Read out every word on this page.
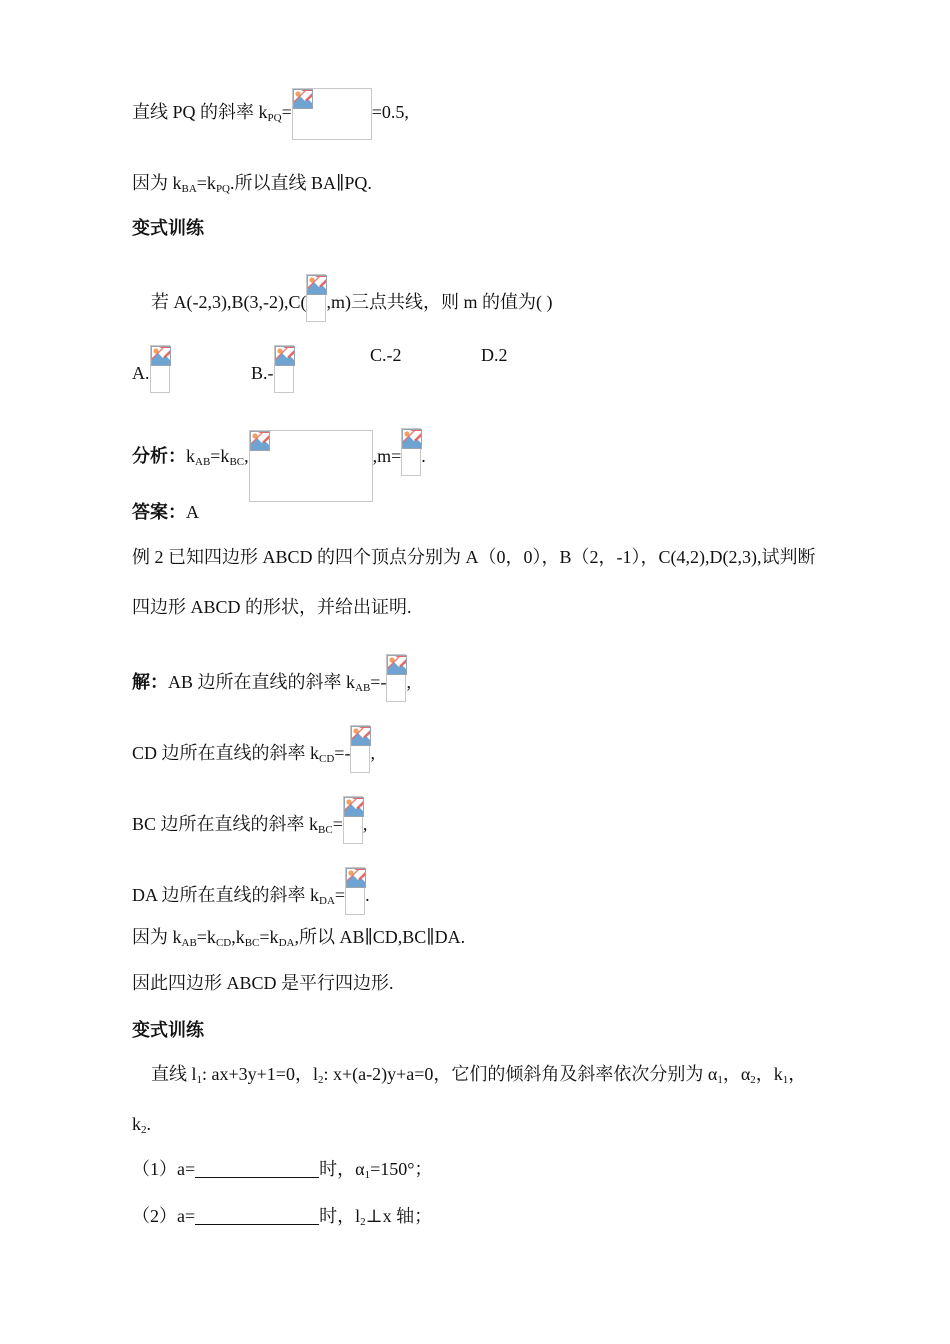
直线 PQ 的斜率 $k_{PQ}=$	=0.5,
因为 $k_{BA}=k_{PQ}$.所以直线 BA∥PQ.
变式训练
若 A(-2,3),B(3,-2),C( ,m)三点共线，则 m 的值为( )
A.	B.-
C.-2	D.2
分析：$k_{AB}=k_{BC}$,	,m= .
答案：A
例 2 已知四边形 ABCD 的四个顶点分别为 A（0，0），B（2，-1），C(4,2),D(2,3),试判断
四边形 ABCD 的形状，并给出证明.
解：AB 边所在直线的斜率 $k_{AB}=-$ ,
CD 边所在直线的斜率 $k_{CD}=-$ ,
BC 边所在直线的斜率 $k_{BC}=$ ,
DA 边所在直线的斜率 $k_{DA}=$ .
因为 $k_{AB}=k_{CD},k_{BC}=k_{DA}$,所以 AB∥CD,BC∥DA.
因此四边形 ABCD 是平行四边形.
变式训练
直线 $l_1$: ax+3y+1=0，$l_2$: x+(a-2)y+a=0，它们的倾斜角及斜率依次分别为 $\alpha_1$，$\alpha_2$，$k_1$，
$k_2$.
（1）a=	时，$\alpha_1=150^\circ$；
（2）a=	时，$l_2\perp x$ 轴；
